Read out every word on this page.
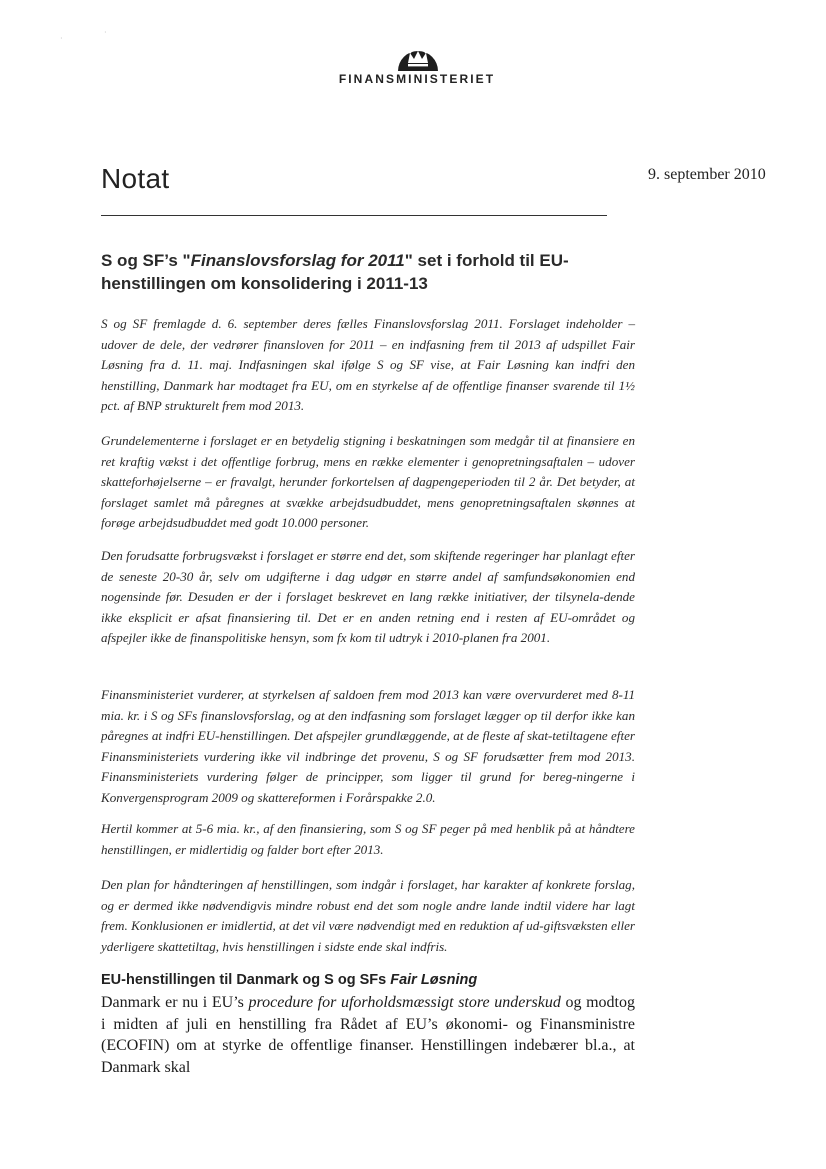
·
·
FINANSMINISTERIET
Notat	9. september 2010
S og SF’s "Finanslovsforslag for 2011" set i forhold til EU-henstillingen om konsolidering i 2011-13

S og SF fremlagde d. 6. september deres fælles Finanslovsforslag 2011. Forslaget indeholder – udover de dele, der vedrører finansloven for 2011 – en indfasning frem til 2013 af udspillet Fair Løsning fra d. 11. maj. Indfasningen skal ifølge S og SF vise, at Fair Løsning kan indfri den henstilling, Danmark har modtaget fra EU, om en styrkelse af de offentlige finanser svarende til 1½ pct. af BNP strukturelt frem mod 2013.

Grundelementerne i forslaget er en betydelig stigning i beskatningen som medgår til at finansiere en ret kraftig vækst i det offentlige forbrug, mens en række elementer i genopretningsaftalen – udover skatteforhøjelserne – er fravalgt, herunder forkortelsen af dagpengeperioden til 2 år. Det betyder, at forslaget samlet må påregnes at svække arbejdsudbuddet, mens genopretningsaftalen skønnes at forøge arbejdsudbuddet med godt 10.000 personer.

Den forudsatte forbrugsvækst i forslaget er større end det, som skiftende regeringer har planlagt efter de seneste 20-30 år, selv om udgifterne i dag udgør en større andel af samfundsøkonomien end nogensinde før. Desuden er der i forslaget beskrevet en lang række initiativer, der tilsynela-dende ikke eksplicit er afsat finansiering til. Det er en anden retning end i resten af EU-området og afspejler ikke de finanspolitiske hensyn, som fx kom til udtryk i 2010-planen fra 2001.

Finansministeriet vurderer, at styrkelsen af saldoen frem mod 2013 kan være overvurderet med 8-11 mia. kr. i S og SFs finanslovsforslag, og at den indfasning som forslaget lægger op til derfor ikke kan påregnes at indfri EU-henstillingen. Det afspejler grundlæggende, at de fleste af skat-tetiltagene efter Finansministeriets vurdering ikke vil indbringe det provenu, S og SF forudsætter frem mod 2013. Finansministeriets vurdering følger de principper, som ligger til grund for bereg-ningerne i Konvergensprogram 2009 og skattereformen i Forårspakke 2.0.

Hertil kommer at 5-6 mia. kr., af den finansiering, som S og SF peger på med henblik på at håndtere henstillingen, er midlertidig og falder bort efter 2013.

Den plan for håndteringen af henstillingen, som indgår i forslaget, har karakter af konkrete forslag, og er dermed ikke nødvendigvis mindre robust end det som nogle andre lande indtil videre har lagt frem. Konklusionen er imidlertid, at det vil være nødvendigt med en reduktion af ud-giftsvæksten eller yderligere skattetiltag, hvis henstillingen i sidste ende skal indfris.

EU-henstillingen til Danmark og S og SFs Fair Løsning

Danmark er nu i EU’s procedure for uforholdsmæssigt store underskud og modtog i midten af juli en henstilling fra Rådet af EU’s økonomi- og Finansministre (ECOFIN) om at styrke de offentlige finanser. Henstillingen indebærer bl.a., at Danmark skal
